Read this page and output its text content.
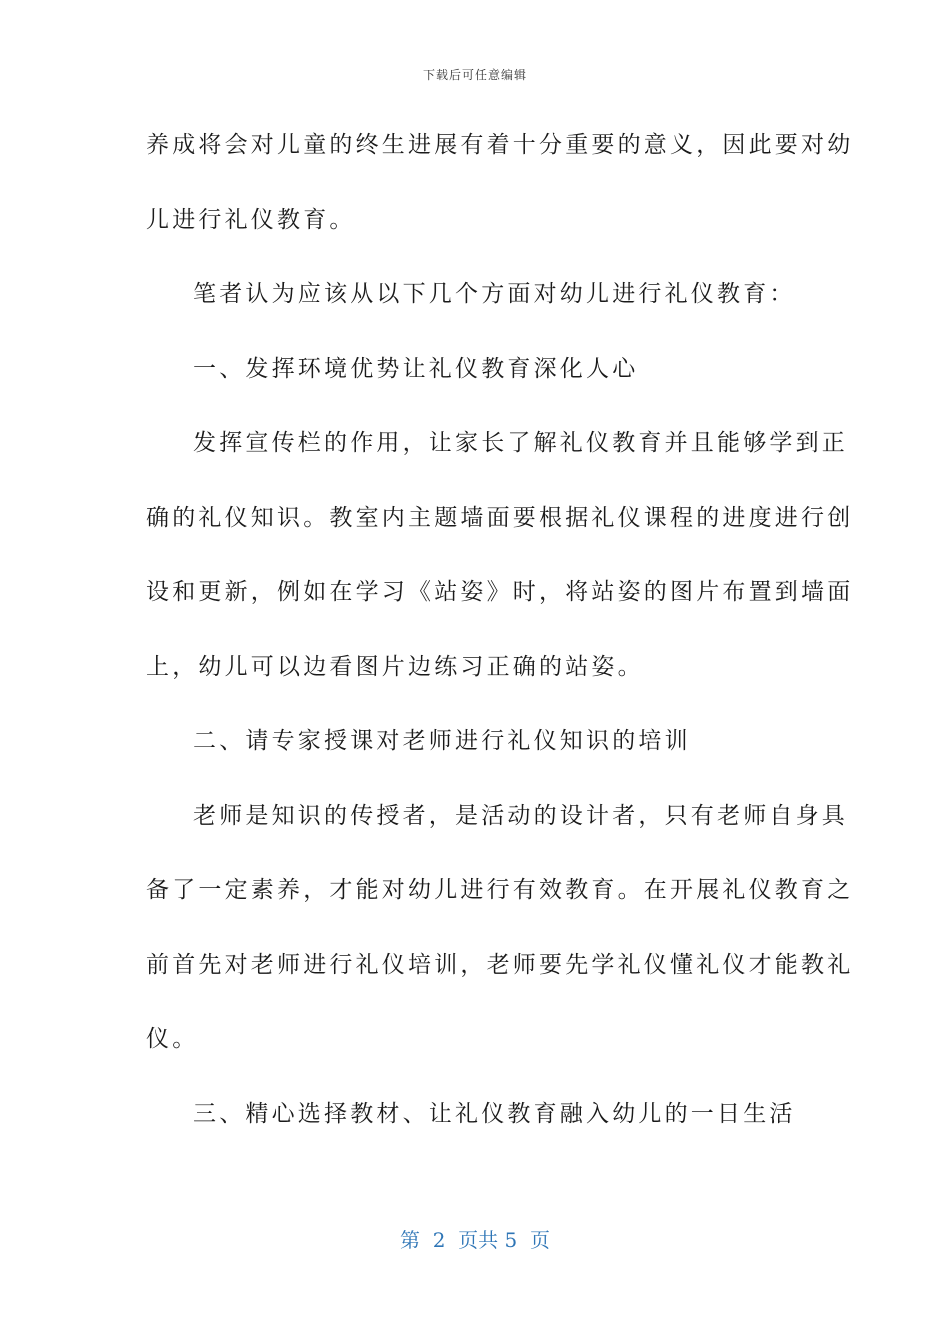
下载后可任意编辑
养成将会对儿童的终生进展有着十分重要的意义，因此要对幼
儿进行礼仪教育。
笔者认为应该从以下几个方面对幼儿进行礼仪教育：
一、发挥环境优势让礼仪教育深化人心
发挥宣传栏的作用，让家长了解礼仪教育并且能够学到正
确的礼仪知识。教室内主题墙面要根据礼仪课程的进度进行创
设和更新，例如在学习《站姿》时，将站姿的图片布置到墙面
上，幼儿可以边看图片边练习正确的站姿。
二、请专家授课对老师进行礼仪知识的培训
老师是知识的传授者，是活动的设计者，只有老师自身具
备了一定素养，才能对幼儿进行有效教育。在开展礼仪教育之
前首先对老师进行礼仪培训，老师要先学礼仪懂礼仪才能教礼
仪。
三、精心选择教材、让礼仪教育融入幼儿的一日生活
第  2  页共 5  页
